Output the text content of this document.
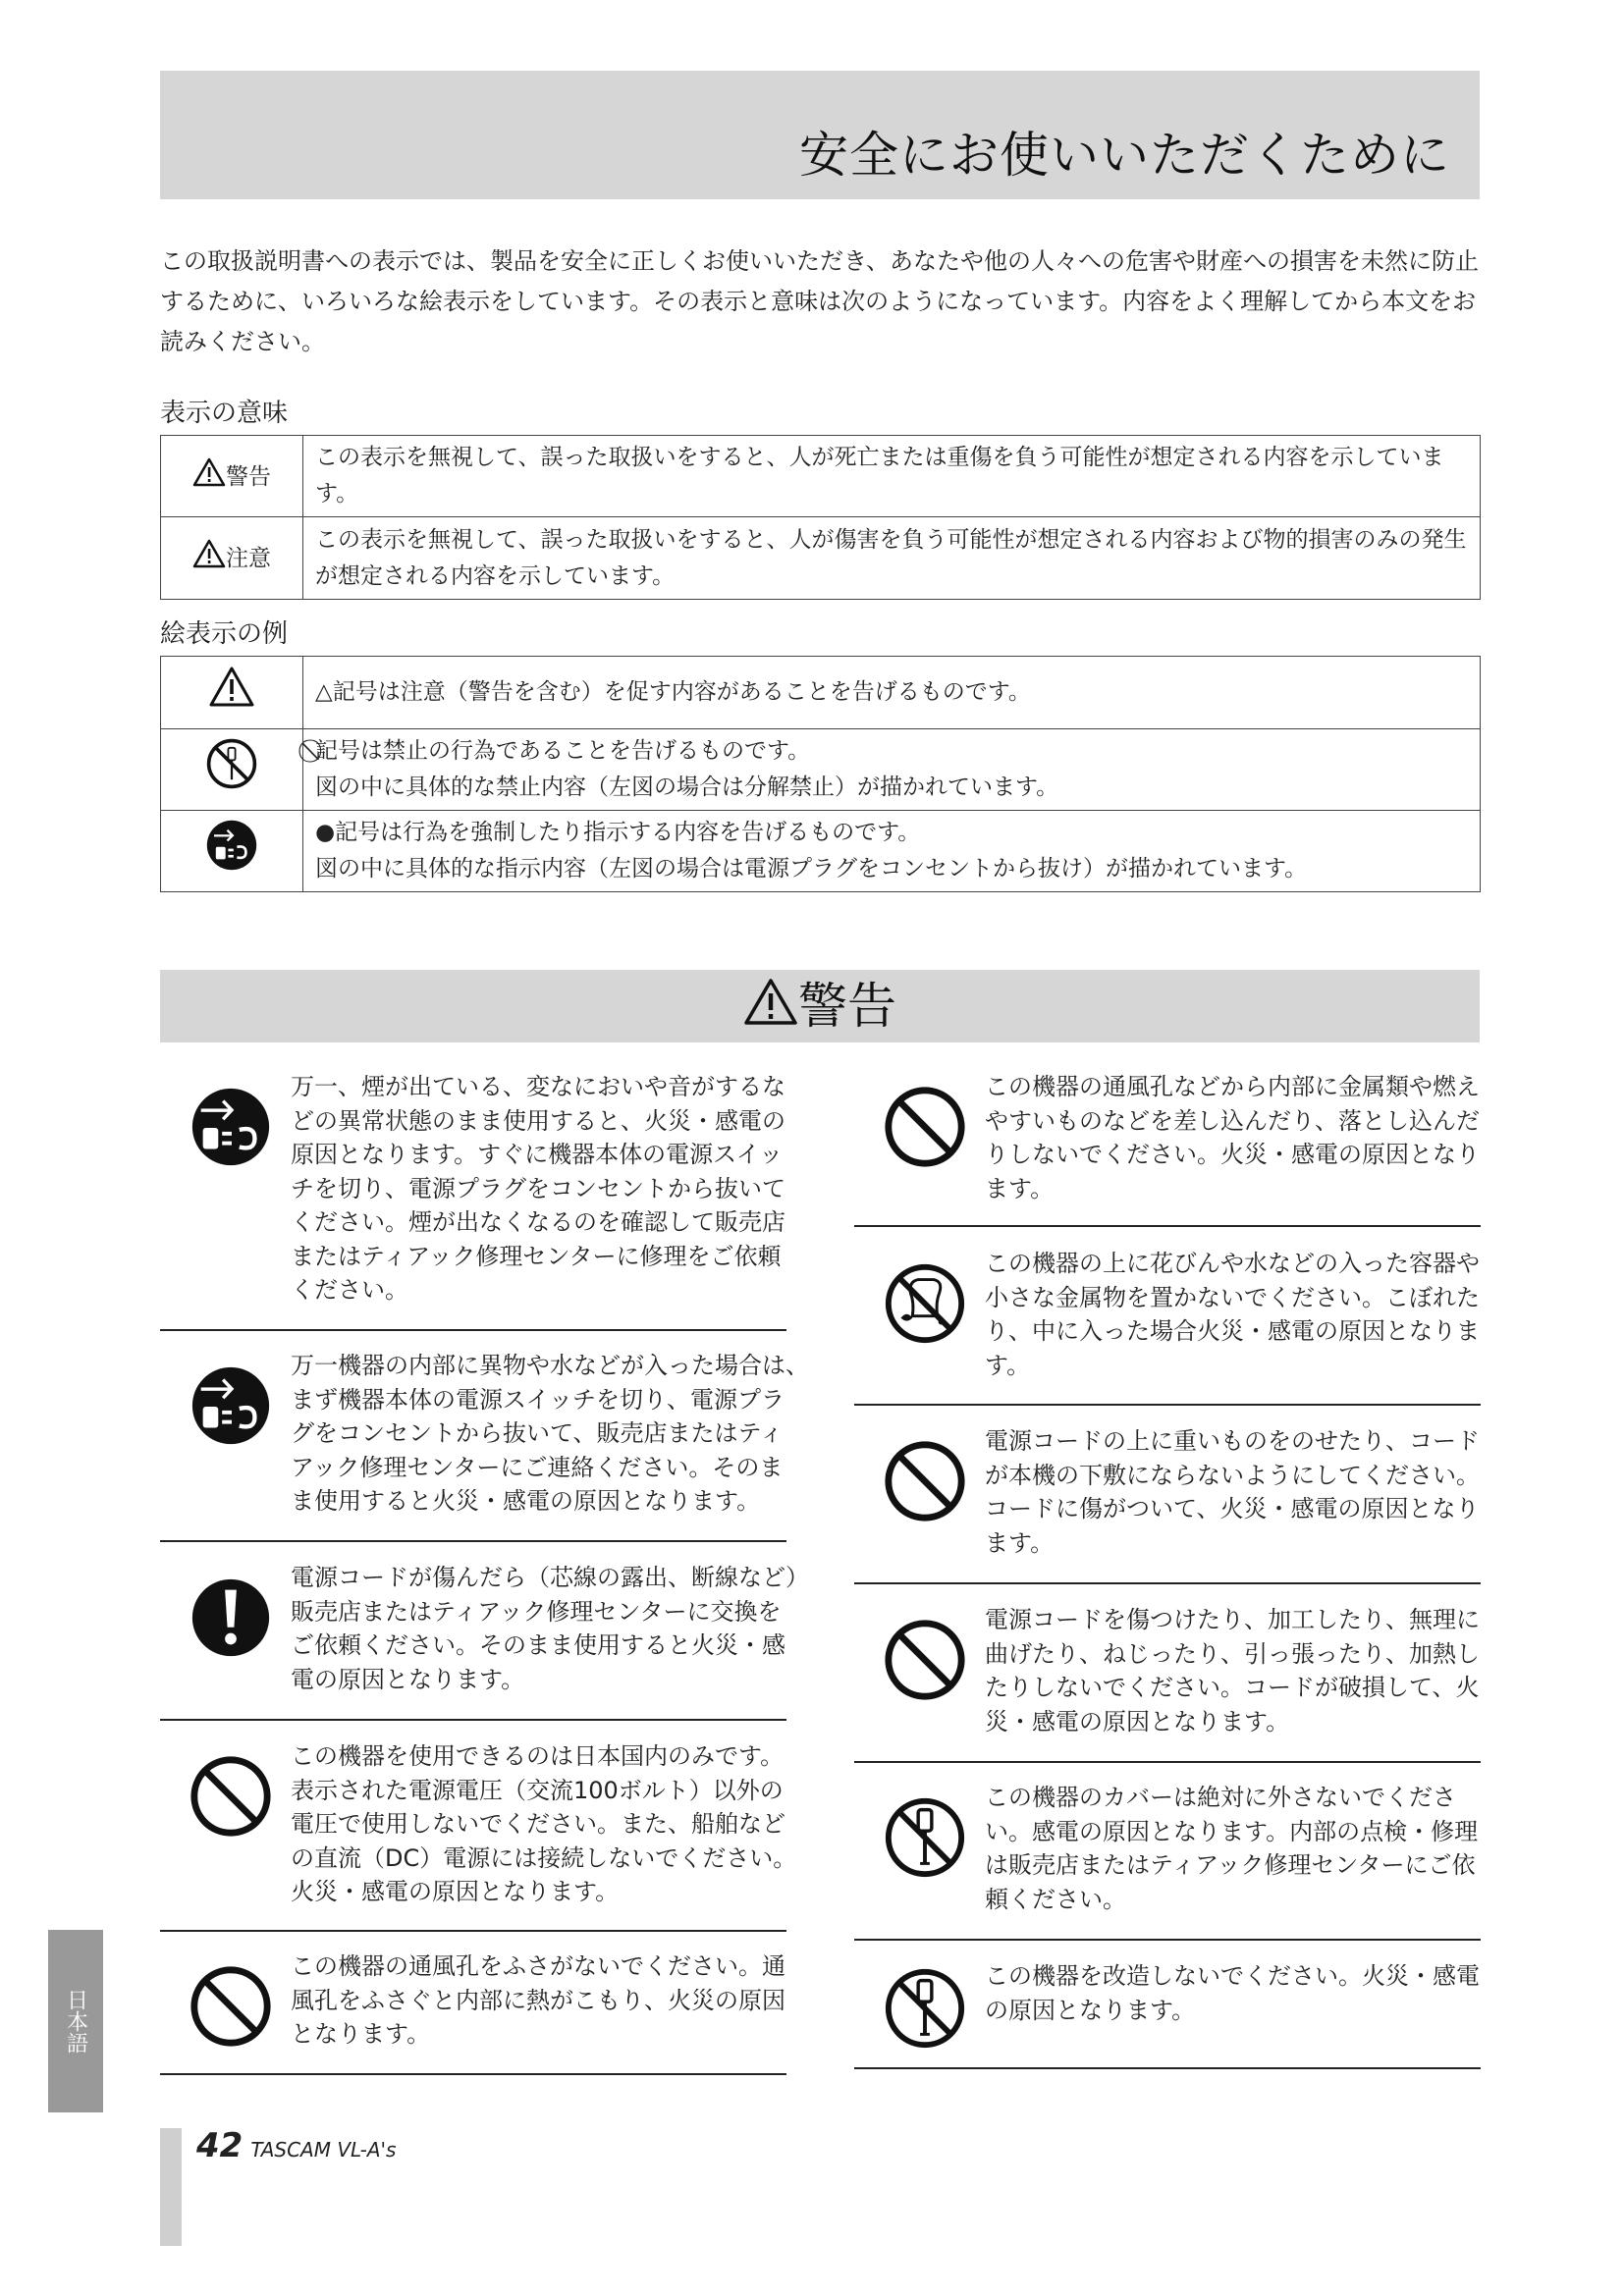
安全にお使いいただくために

この取扱説明書への表示では、製品を安全に正しくお使いいただき、あなたや他の人々への危害や財産への損害を未然に防止するために、いろいろな絵表示をしています。その表示と意味は次のようになっています。内容をよく理解してから本文をお読みください。

表示の意味
警告	この表示を無視して、誤った取扱いをすると、人が死亡または重傷を負う可能性が想定される内容を示しています。
注意	この表示を無視して、誤った取扱いをすると、人が傷害を負う可能性が想定される内容および物的損害のみの発生が想定される内容を示しています。
絵表示の例
	△記号は注意（警告を含む）を促す内容があることを告げるものです。
	⃠記号は禁止の行為であることを告げるものです。
図の中に具体的な禁止内容（左図の場合は分解禁止）が描かれています。
	●記号は行為を強制したり指示する内容を告げるものです。
図の中に具体的な指示内容（左図の場合は電源プラグをコンセントから抜け）が描かれています。
警告
万一、煙が出ている、変なにおいや音がするな
どの異常状態のまま使用すると、火災・感電の
原因となります。すぐに機器本体の電源スイッ
チを切り、電源プラグをコンセントから抜いて
ください。煙が出なくなるのを確認して販売店
またはティアック修理センターに修理をご依頼
ください。
万一機器の内部に異物や水などが入った場合は、
まず機器本体の電源スイッチを切り、電源プラ
グをコンセントから抜いて、販売店またはティ
アック修理センターにご連絡ください。そのま
ま使用すると火災・感電の原因となります。
電源コードが傷んだら（芯線の露出、断線など）
販売店またはティアック修理センターに交換を
ご依頼ください。そのまま使用すると火災・感
電の原因となります。
この機器を使用できるのは日本国内のみです。
表示された電源電圧（交流100ボルト）以外の
電圧で使用しないでください。また、船舶など
の直流（DC）電源には接続しないでください。
火災・感電の原因となります。
この機器の通風孔をふさがないでください。通
風孔をふさぐと内部に熱がこもり、火災の原因
となります。
この機器の通風孔などから内部に金属類や燃え
やすいものなどを差し込んだり、落とし込んだ
りしないでください。火災・感電の原因となり
ます。
この機器の上に花びんや水などの入った容器や
小さな金属物を置かないでください。こぼれた
り、中に入った場合火災・感電の原因となりま
す。
電源コードの上に重いものをのせたり、コード
が本機の下敷にならないようにしてください。
コードに傷がついて、火災・感電の原因となり
ます。
電源コードを傷つけたり、加工したり、無理に
曲げたり、ねじったり、引っ張ったり、加熱し
たりしないでください。コードが破損して、火
災・感電の原因となります。
この機器のカバーは絶対に外さないでくださ
い。感電の原因となります。内部の点検・修理
は販売店またはティアック修理センターにご依
頼ください。
この機器を改造しないでください。火災・感電
の原因となります。
日本語
42 TASCAM VL-A's
